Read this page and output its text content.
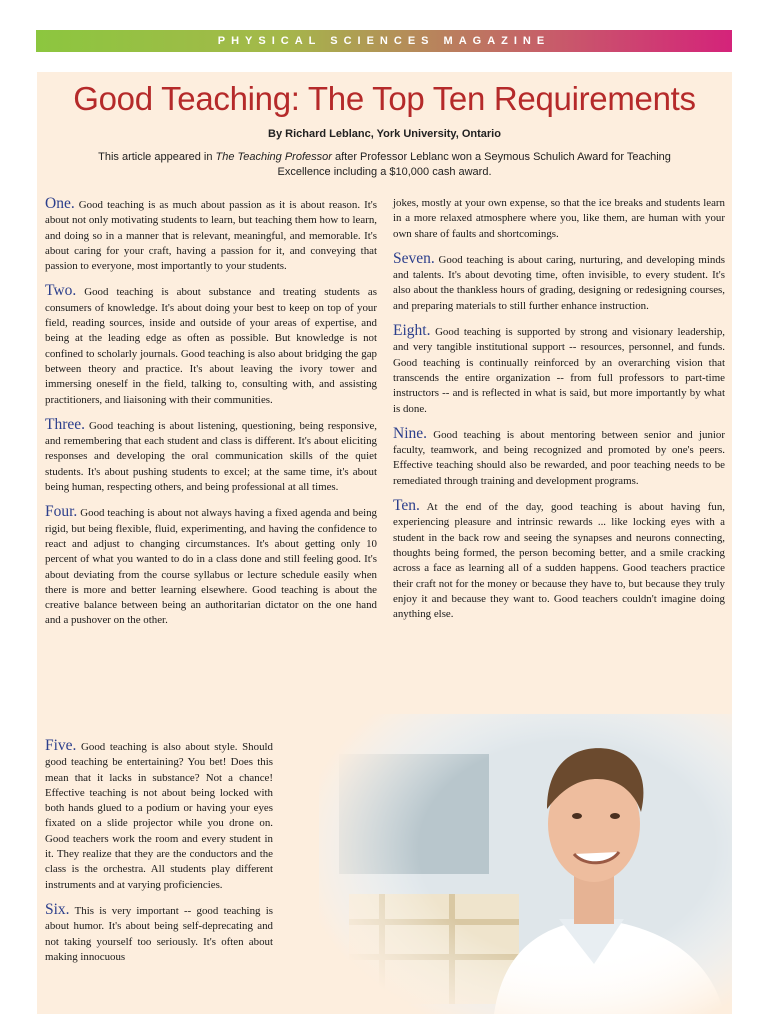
PHYSICAL SCIENCES MAGAZINE
Good Teaching: The Top Ten Requirements
By Richard Leblanc, York University, Ontario
This article appeared in The Teaching Professor after Professor Leblanc won a Seymous Schulich Award for Teaching Excellence including a $10,000 cash award.

One. Good teaching is as much about passion as it is about reason. It's about not only motivating students to learn, but teaching them how to learn, and doing so in a manner that is relevant, meaningful, and memorable. It's about caring for your craft, having a passion for it, and conveying that passion to everyone, most importantly to your students.

Two. Good teaching is about substance and treating students as consumers of knowledge. It's about doing your best to keep on top of your field, reading sources, inside and outside of your areas of expertise, and being at the leading edge as often as possible. But knowledge is not confined to scholarly journals. Good teaching is also about bridging the gap between theory and practice. It's about leaving the ivory tower and immersing oneself in the field, talking to, consulting with, and assisting practitioners, and liaisoning with their communities.

Three. Good teaching is about listening, questioning, being responsive, and remembering that each student and class is different. It's about eliciting responses and developing the oral communication skills of the quiet students. It's about pushing students to excel; at the same time, it's about being human, respecting others, and being professional at all times.

Four. Good teaching is about not always having a fixed agenda and being rigid, but being flexible, fluid, experimenting, and having the confidence to react and adjust to changing circumstances. It's about getting only 10 percent of what you wanted to do in a class done and still feeling good. It's about deviating from the course syllabus or lecture schedule easily when there is more and better learning elsewhere. Good teaching is about the creative balance between being an authoritarian dictator on the one hand and a pushover on the other.

Five. Good teaching is also about style. Should good teaching be entertaining? You bet! Does this mean that it lacks in substance? Not a chance! Effective teaching is not about being locked with both hands glued to a podium or having your eyes fixated on a slide projector while you drone on. Good teachers work the room and every student in it. They realize that they are the conductors and the class is the orchestra. All students play different instruments and at varying proficiencies.

Six. This is very important -- good teaching is about humor. It's about being self-deprecating and not taking yourself too seriously. It's often about making innocuous

jokes, mostly at your own expense, so that the ice breaks and students learn in a more relaxed atmosphere where you, like them, are human with your own share of faults and shortcomings.

Seven. Good teaching is about caring, nurturing, and developing minds and talents. It's about devoting time, often invisible, to every student. It's also about the thankless hours of grading, designing or redesigning courses, and preparing materials to still further enhance instruction.

Eight. Good teaching is supported by strong and visionary leadership, and very tangible institutional support -- resources, personnel, and funds. Good teaching is continually reinforced by an overarching vision that transcends the entire organization -- from full professors to part-time instructors -- and is reflected in what is said, but more importantly by what is done.

Nine. Good teaching is about mentoring between senior and junior faculty, teamwork, and being recognized and promoted by one's peers. Effective teaching should also be rewarded, and poor teaching needs to be remediated through training and development programs.

Ten. At the end of the day, good teaching is about having fun, experiencing pleasure and intrinsic rewards ... like locking eyes with a student in the back row and seeing the synapses and neurons connecting, thoughts being formed, the person becoming better, and a smile cracking across a face as learning all of a sudden happens. Good teachers practice their craft not for the money or because they have to, but because they truly enjoy it and because they want to. Good teachers couldn't imagine doing anything else.
